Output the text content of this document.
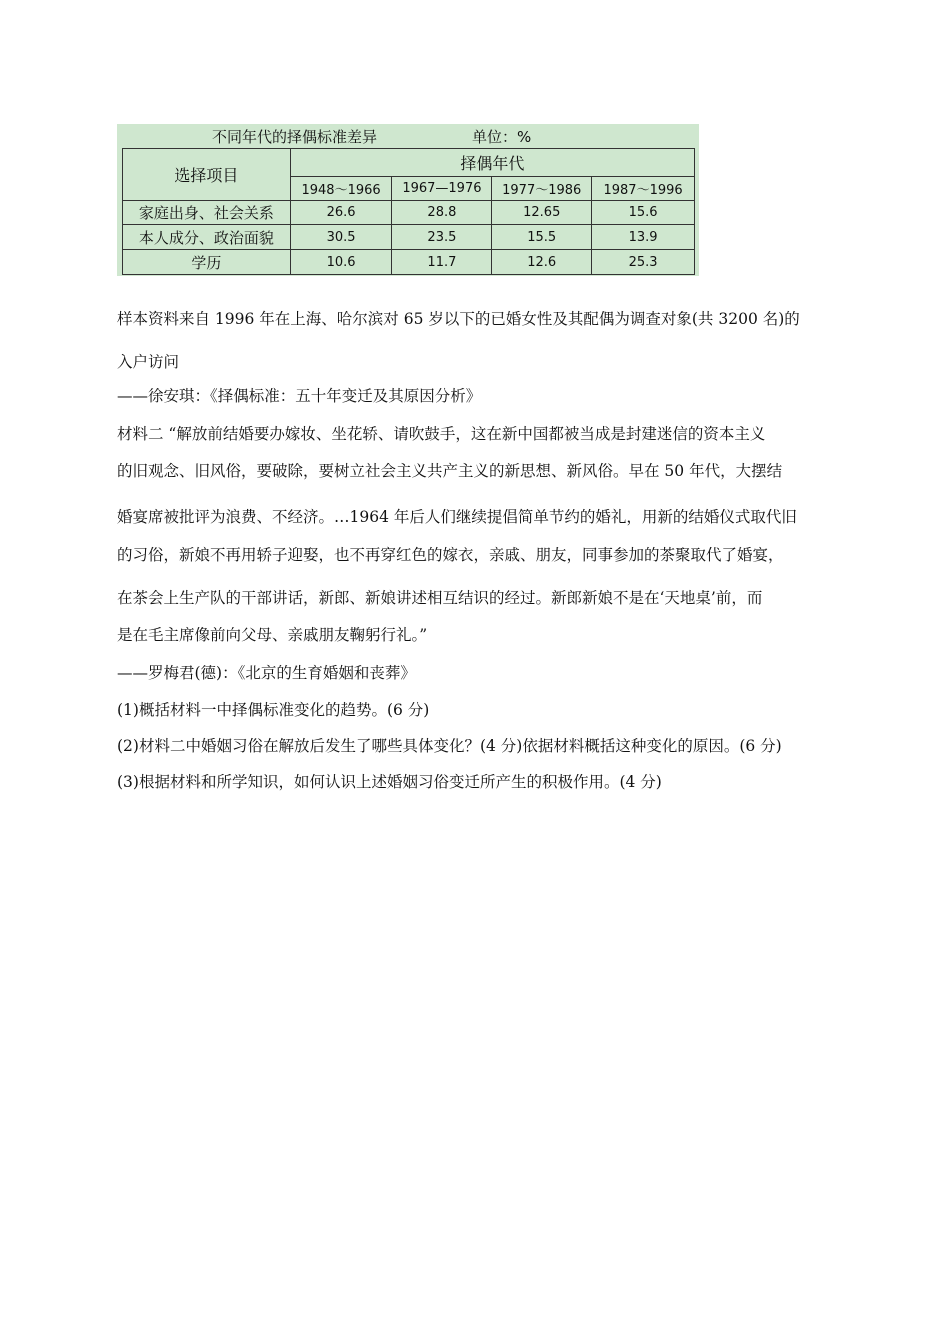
不同年代的择偶标准差异	单位：%
选择项目	择偶年代			
	1948～1966	1967—1976	1977～1986	1987～1996
家庭出身、社会关系	26.6	28.8	12.65	15.6
本人成分、政治面貌	30.5	23.5	15.5	13.9
学历	10.6	11.7	12.6	25.3
样本资料来自 1996 年在上海、哈尔滨对 65 岁以下的已婚女性及其配偶为调查对象(共 3200 名)的
入户访问
——徐安琪：《择偶标准：五十年变迁及其原因分析》
材料二 “解放前结婚要办嫁妆、坐花轿、请吹鼓手，这在新中国都被当成是封建迷信的资本主义
的旧观念、旧风俗，要破除，要树立社会主义共产主义的新思想、新风俗。早在 50 年代，大摆结
婚宴席被批评为浪费、不经济。…1964 年后人们继续提倡简单节约的婚礼，用新的结婚仪式取代旧
的习俗，新娘不再用轿子迎娶，也不再穿红色的嫁衣，亲戚、朋友，同事参加的茶聚取代了婚宴，
在茶会上生产队的干部讲话，新郎、新娘讲述相互结识的经过。新郎新娘不是在‘天地桌’前，而
是在毛主席像前向父母、亲戚朋友鞠躬行礼。”
——罗梅君(德)：《北京的生育婚姻和丧葬》
(1)概括材料一中择偶标准变化的趋势。(6 分)
(2)材料二中婚姻习俗在解放后发生了哪些具体变化？(4 分)依据材料概括这种变化的原因。(6 分)
(3)根据材料和所学知识，如何认识上述婚姻习俗变迁所产生的积极作用。(4 分)
